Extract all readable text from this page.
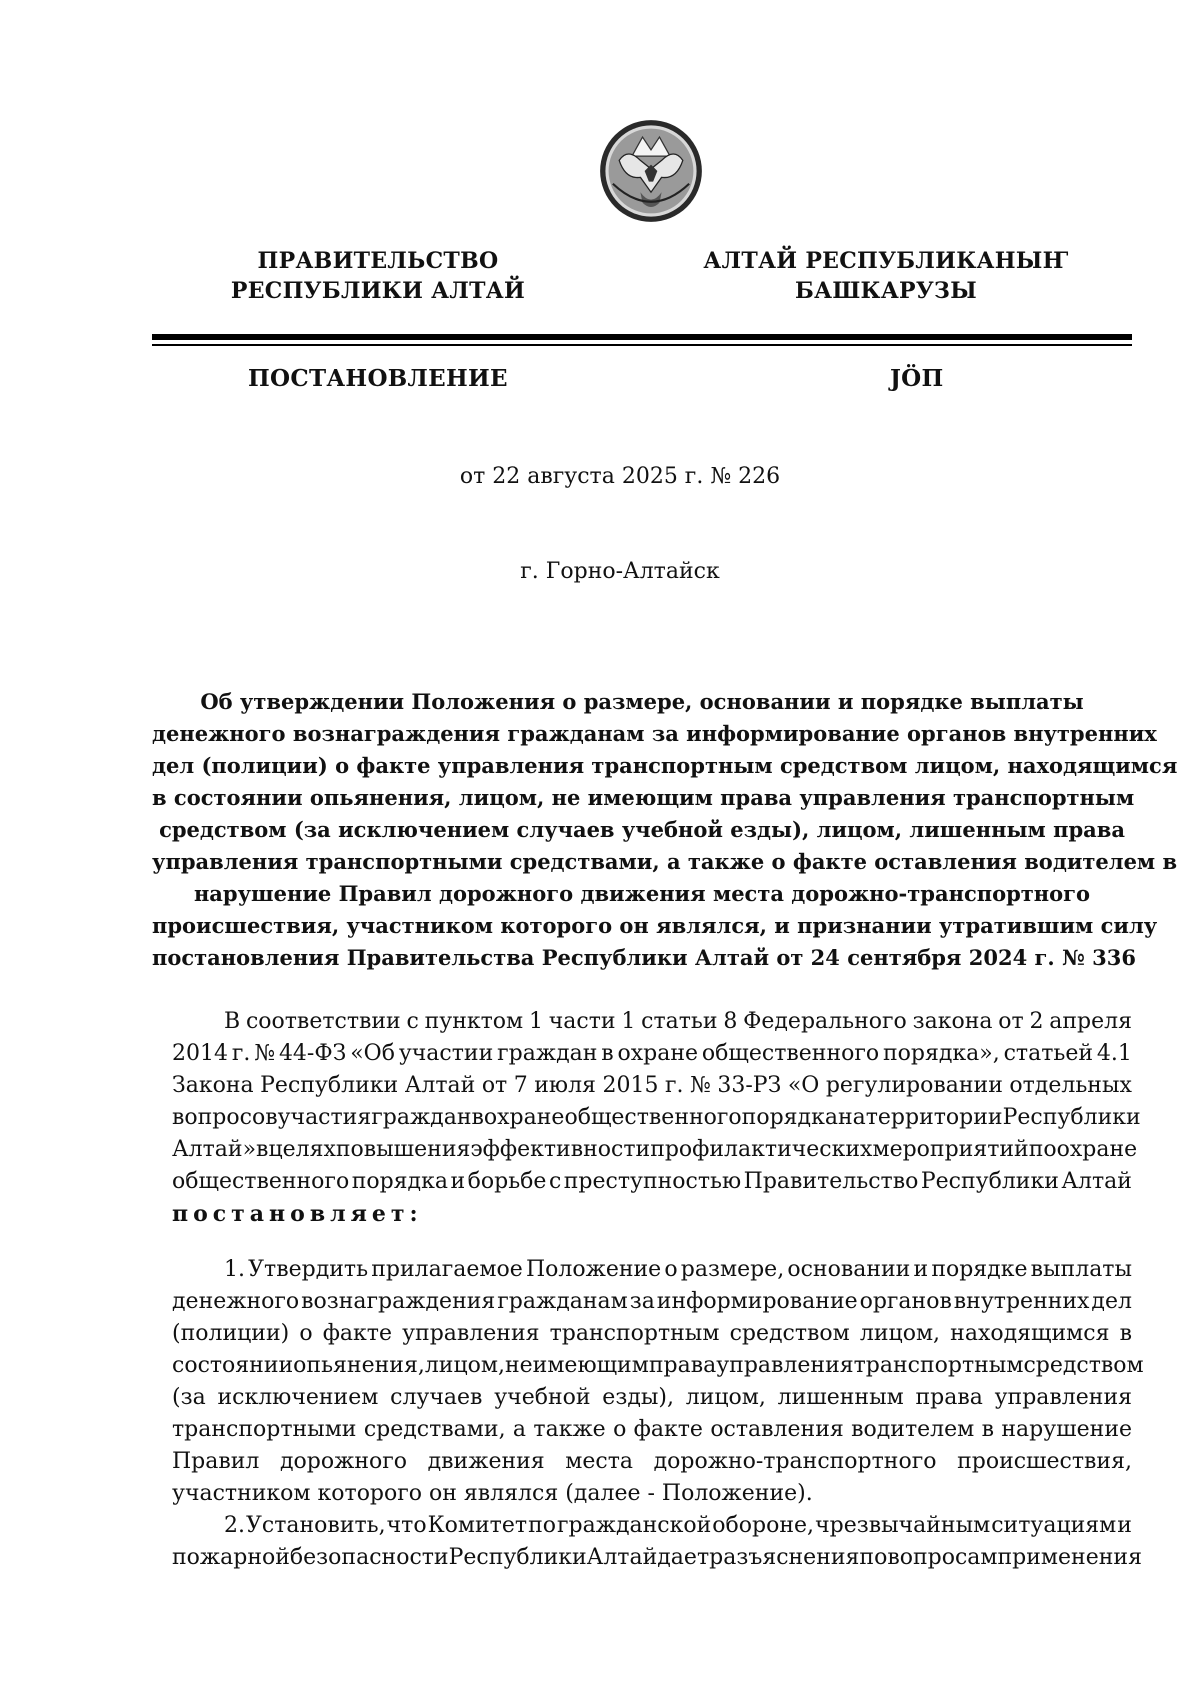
ПРАВИТЕЛЬСТВО
РЕСПУБЛИКИ АЛТАЙ
АЛТАЙ РЕСПУБЛИКАНЫҤ
БАШКАРУЗЫ
ПОСТАНОВЛЕНИЕ	JÖП
от 22 августа 2025 г. № 226
г. Горно-Алтайск
Об утверждении Положения о размере, основании и порядке выплаты
денежного вознаграждения гражданам за информирование органов внутренних
дел (полиции) о факте управления транспортным средством лицом, находящимся
в состоянии опьянения, лицом, не имеющим права управления транспортным
средством (за исключением случаев учебной езды), лицом, лишенным права
управления транспортными средствами, а также о факте оставления водителем в
нарушение Правил дорожного движения места дорожно-транспортного
происшествия, участником которого он являлся, и признании утратившим силу
постановления Правительства Республики Алтай от 24 сентября 2024 г. № 336
В соответствии с пунктом 1 части 1 статьи 8 Федерального закона от 2 апреля
2014 г. № 44-ФЗ «Об участии граждан в охране общественного порядка», статьей 4.1
Закона Республики Алтай от 7 июля 2015 г. № 33-РЗ «О регулировании отдельных
вопросов участия граждан в охране общественного порядка на территории Республики
Алтай» в целях повышения эффективности профилактических мероприятий по охране
общественного порядка и борьбе с преступностью Правительство Республики Алтай
постановляет:
1. Утвердить прилагаемое Положение о размере, основании и порядке выплаты
денежного вознаграждения гражданам за информирование органов внутренних дел
(полиции) о факте управления транспортным средством лицом, находящимся в
состоянии опьянения, лицом, не имеющим права управления транспортным средством
(за исключением случаев учебной езды), лицом, лишенным права управления
транспортными средствами, а также о факте оставления водителем в нарушение
Правил дорожного движения места дорожно-транспортного происшествия,
участником которого он являлся (далее - Положение).
2. Установить, что Комитет по гражданской обороне, чрезвычайным ситуациям и
пожарной безопасности Республики Алтай дает разъяснения по вопросам применения
